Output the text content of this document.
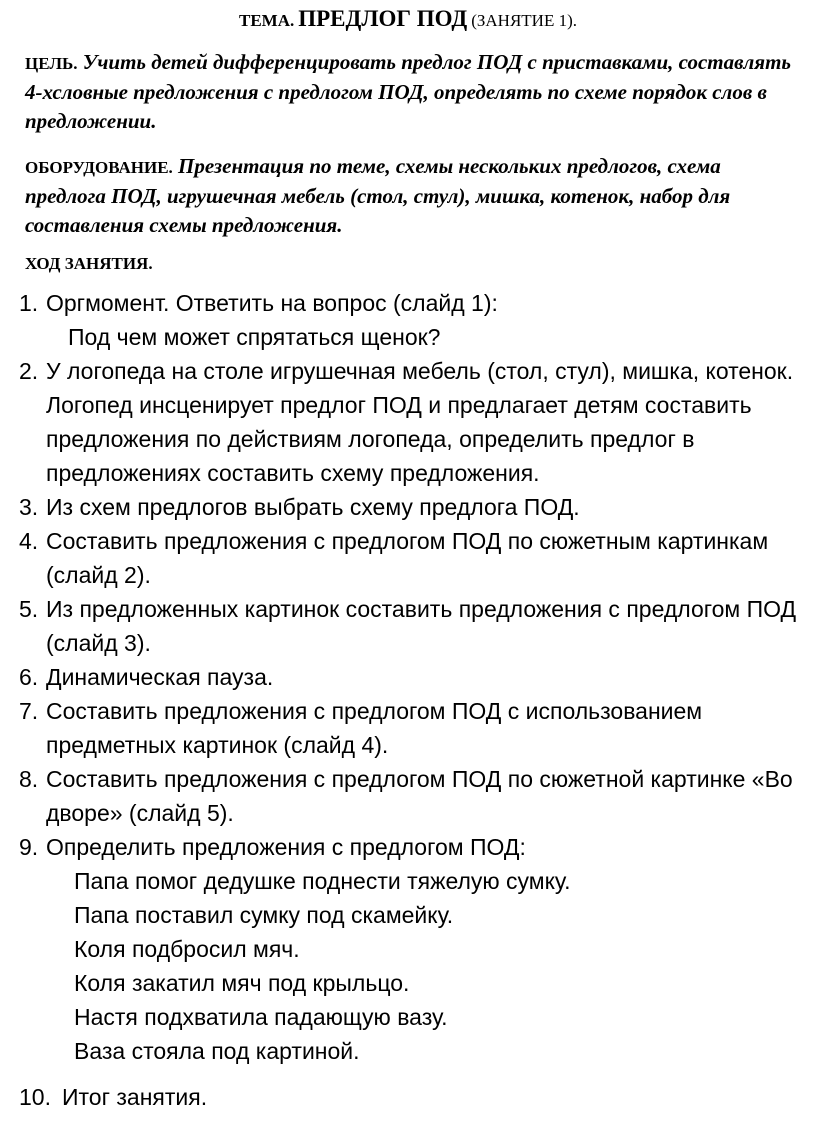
ТЕМА. ПРЕДЛОГ ПОД (ЗАНЯТИЕ 1).
ЦЕЛЬ. Учить детей дифференцировать предлог ПОД с приставками, составлять 4-хсловные предложения с предлогом ПОД, определять по схеме порядок слов в предложении.
ОБОРУДОВАНИЕ. Презентация по теме, схемы нескольких предлогов, схема предлога ПОД, игрушечная мебель (стол, стул), мишка, котенок, набор для составления схемы предложения.
ХОД ЗАНЯТИЯ.
1. Оргмомент. Ответить на вопрос (слайд 1):
Под чем может спрятаться щенок?
2. У логопеда на столе игрушечная мебель (стол, стул), мишка, котенок. Логопед инсценирует предлог ПОД и предлагает детям составить предложения по действиям логопеда, определить предлог в предложениях составить схему предложения.
3. Из схем предлогов выбрать схему предлога ПОД.
4. Составить предложения с предлогом ПОД по сюжетным картинкам (слайд 2).
5. Из предложенных картинок составить предложения с предлогом ПОД (слайд 3).
6. Динамическая пауза.
7. Составить предложения с предлогом ПОД с использованием предметных картинок (слайд 4).
8. Составить предложения с предлогом ПОД по сюжетной картинке «Во дворе» (слайд 5).
9. Определить предложения с предлогом ПОД:
Папа помог дедушке поднести тяжелую сумку.
Папа поставил сумку под скамейку.
Коля подбросил мяч.
Коля закатил мяч под крыльцо.
Настя подхватила падающую вазу.
Ваза стояла под картиной.
10. Итог занятия.
